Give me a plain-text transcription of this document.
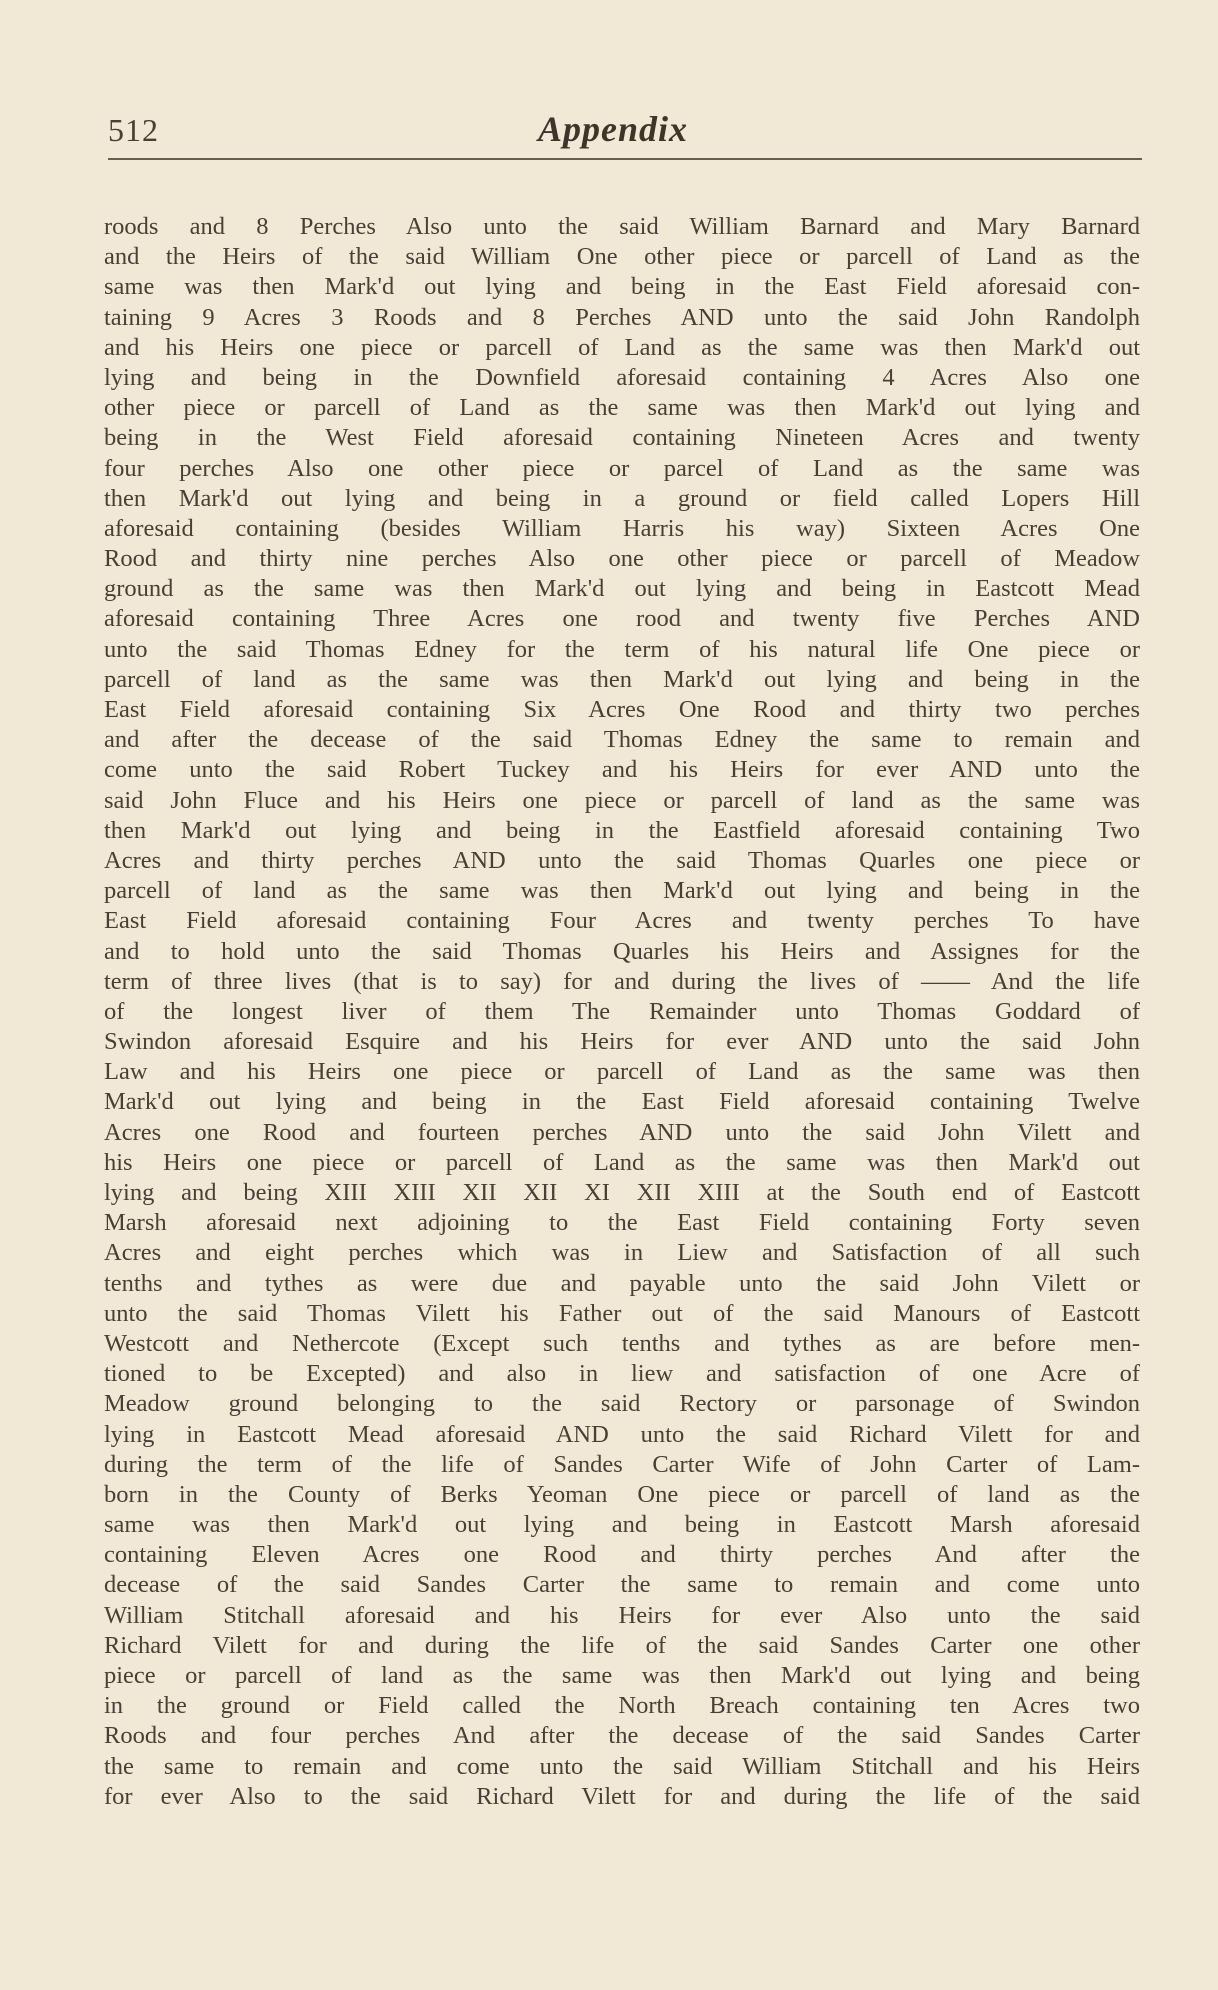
512	Appendix
roods and 8 Perches Also unto the said William Barnard and Mary Barnard
and the Heirs of the said William One other piece or parcell of Land as the
same was then Mark'd out lying and being in the East Field aforesaid con-
taining 9 Acres 3 Roods and 8 Perches AND unto the said John Randolph
and his Heirs one piece or parcell of Land as the same was then Mark'd out
lying and being in the Downfield aforesaid containing 4 Acres Also one
other piece or parcell of Land as the same was then Mark'd out lying and
being in the West Field aforesaid containing Nineteen Acres and twenty
four perches Also one other piece or parcel of Land as the same was
then Mark'd out lying and being in a ground or field called Lopers Hill
aforesaid containing (besides William Harris his way) Sixteen Acres One
Rood and thirty nine perches Also one other piece or parcell of Meadow
ground as the same was then Mark'd out lying and being in Eastcott Mead
aforesaid containing Three Acres one rood and twenty five Perches AND
unto the said Thomas Edney for the term of his natural life One piece or
parcell of land as the same was then Mark'd out lying and being in the
East Field aforesaid containing Six Acres One Rood and thirty two perches
and after the decease of the said Thomas Edney the same to remain and
come unto the said Robert Tuckey and his Heirs for ever AND unto the
said John Fluce and his Heirs one piece or parcell of land as the same was
then Mark'd out lying and being in the Eastfield aforesaid containing Two
Acres and thirty perches AND unto the said Thomas Quarles one piece or
parcell of land as the same was then Mark'd out lying and being in the
East Field aforesaid containing Four Acres and twenty perches To have
and to hold unto the said Thomas Quarles his Heirs and Assignes for the
term of three lives (that is to say) for and during the lives of —— And the life
of the longest liver of them The Remainder unto Thomas Goddard of
Swindon aforesaid Esquire and his Heirs for ever AND unto the said John
Law and his Heirs one piece or parcell of Land as the same was then
Mark'd out lying and being in the East Field aforesaid containing Twelve
Acres one Rood and fourteen perches AND unto the said John Vilett and
his Heirs one piece or parcell of Land as the same was then Mark'd out
lying and being XIII XIII XII XII XI XII XIII at the South end of Eastcott
Marsh aforesaid next adjoining to the East Field containing Forty seven
Acres and eight perches which was in Liew and Satisfaction of all such
tenths and tythes as were due and payable unto the said John Vilett or
unto the said Thomas Vilett his Father out of the said Manours of Eastcott
Westcott and Nethercote (Except such tenths and tythes as are before men-
tioned to be Excepted) and also in liew and satisfaction of one Acre of
Meadow ground belonging to the said Rectory or parsonage of Swindon
lying in Eastcott Mead aforesaid AND unto the said Richard Vilett for and
during the term of the life of Sandes Carter Wife of John Carter of Lam-
born in the County of Berks Yeoman One piece or parcell of land as the
same was then Mark'd out lying and being in Eastcott Marsh aforesaid
containing Eleven Acres one Rood and thirty perches And after the
decease of the said Sandes Carter the same to remain and come unto
William Stitchall aforesaid and his Heirs for ever Also unto the said
Richard Vilett for and during the life of the said Sandes Carter one other
piece or parcell of land as the same was then Mark'd out lying and being
in the ground or Field called the North Breach containing ten Acres two
Roods and four perches And after the decease of the said Sandes Carter
the same to remain and come unto the said William Stitchall and his Heirs
for ever Also to the said Richard Vilett for and during the life of the said
